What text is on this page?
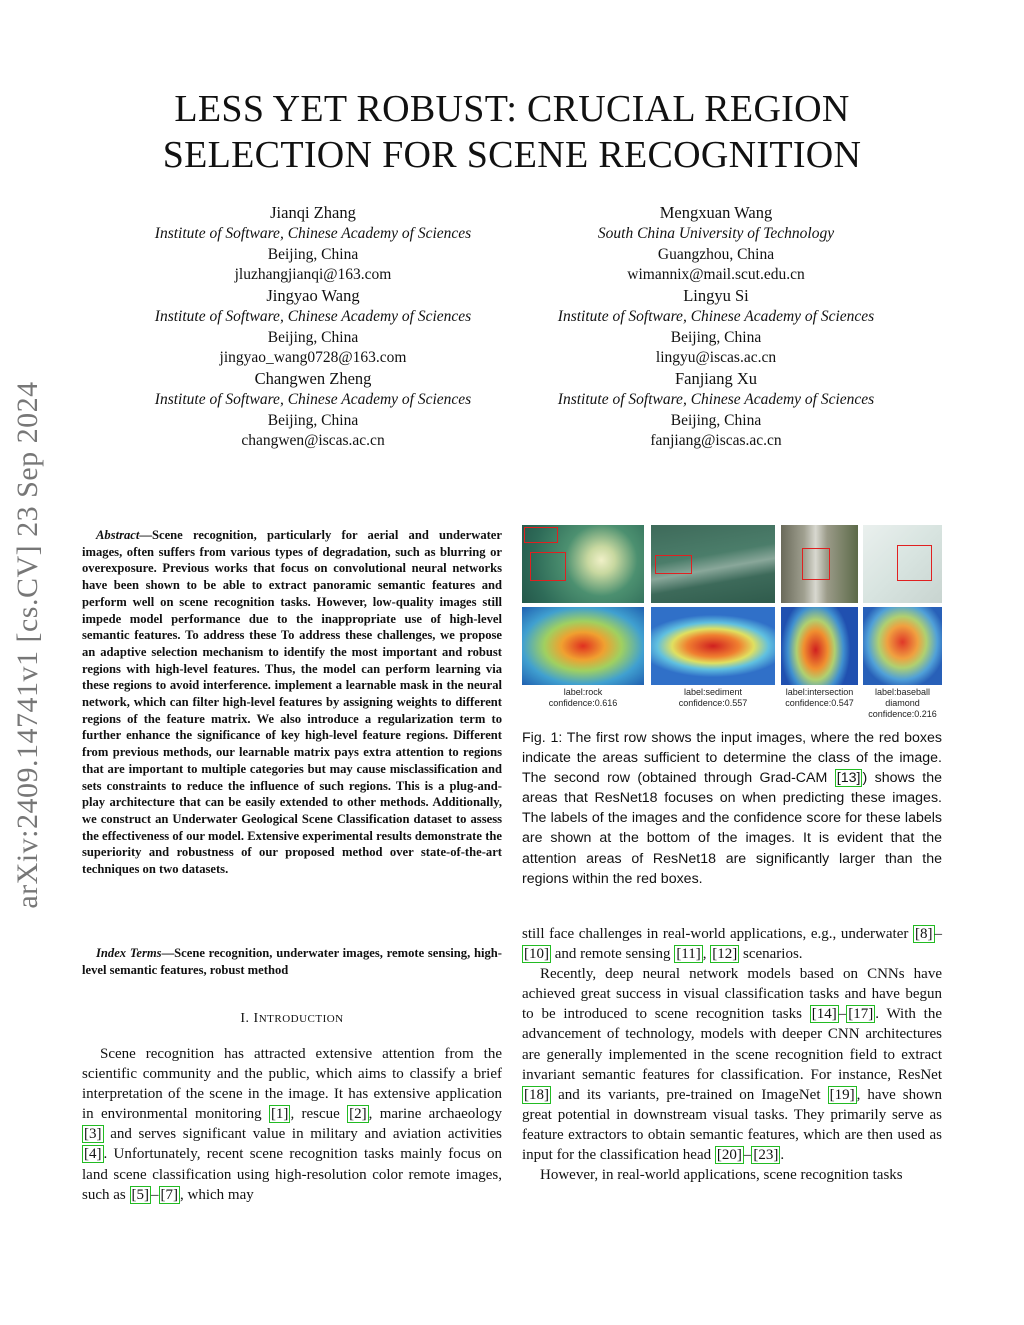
LESS YET ROBUST: CRUCIAL REGION
SELECTION FOR SCENE RECOGNITION
arXiv:2409.14741v1 [cs.CV] 23 Sep 2024
Jianqi Zhang
Institute of Software, Chinese Academy of Sciences
Beijing, China
jluzhangjianqi@163.com
Mengxuan Wang
South China University of Technology
Guangzhou, China
wimannix@mail.scut.edu.cn
Jingyao Wang
Institute of Software, Chinese Academy of Sciences
Beijing, China
jingyao_wang0728@163.com
Lingyu Si
Institute of Software, Chinese Academy of Sciences
Beijing, China
lingyu@iscas.ac.cn
Changwen Zheng
Institute of Software, Chinese Academy of Sciences
Beijing, China
changwen@iscas.ac.cn
Fanjiang Xu
Institute of Software, Chinese Academy of Sciences
Beijing, China
fanjiang@iscas.ac.cn
Abstract—Scene recognition, particularly for aerial and underwater images, often suffers from various types of degradation, such as blurring or overexposure. Previous works that focus on convolutional neural networks have been shown to be able to extract panoramic semantic features and perform well on scene recognition tasks. However, low-quality images still impede model performance due to the inappropriate use of high-level semantic features. To address these To address these challenges, we propose an adaptive selection mechanism to identify the most important and robust regions with high-level features. Thus, the model can perform learning via these regions to avoid interference. implement a learnable mask in the neural network, which can filter high-level features by assigning weights to different regions of the feature matrix. We also introduce a regularization term to further enhance the significance of key high-level feature regions. Different from previous methods, our learnable matrix pays extra attention to regions that are important to multiple categories but may cause misclassification and sets constraints to reduce the influence of such regions. This is a plug-and-play architecture that can be easily extended to other methods. Additionally, we construct an Underwater Geological Scene Classification dataset to assess the effectiveness of our model. Extensive experimental results demonstrate the superiority and robustness of our proposed method over state-of-the-art techniques on two datasets.
Index Terms—Scene recognition, underwater images, remote sensing, high-level semantic features, robust method
I. INTRODUCTION
Scene recognition has attracted extensive attention from the scientific community and the public, which aims to classify a brief interpretation of the scene in the image. It has extensive application in environmental monitoring [1] , rescue [2] , marine archaeology [3] and serves significant value in military and aviation activities [4] . Unfortunately, recent scene recognition tasks mainly focus on land scene classification using high-resolution color remote images, such as [5] – [7] , which may
label:rock
confidence:0.616
label:sediment
confidence:0.557
label:intersection
confidence:0.547
label:baseball
diamond
confidence:0.216
Fig. 1: The first row shows the input images, where the red boxes indicate the areas sufficient to determine the class of the image. The second row (obtained through Grad-CAM [13] ) shows the areas that ResNet18 focuses on when predicting these images. The labels of the images and the confidence score for these labels are shown at the bottom of the images. It is evident that the attention areas of ResNet18 are significantly larger than the regions within the red boxes.

still face challenges in real-world applications, e.g., underwater [8] –[10] and remote sensing [11] , [12] scenarios.

Recently, deep neural network models based on CNNs have achieved great success in visual classification tasks and have begun to be introduced to scene recognition tasks [14] – [17] . With the advancement of technology, models with deeper CNN architectures are generally implemented in the scene recognition field to extract invariant semantic features for classification. For instance, ResNet [18] and its variants, pre-trained on ImageNet [19] , have shown great potential in downstream visual tasks. They primarily serve as feature extractors to obtain semantic features, which are then used as input for the classification head [20] – [23] .

However, in real-world applications, scene recognition tasks
